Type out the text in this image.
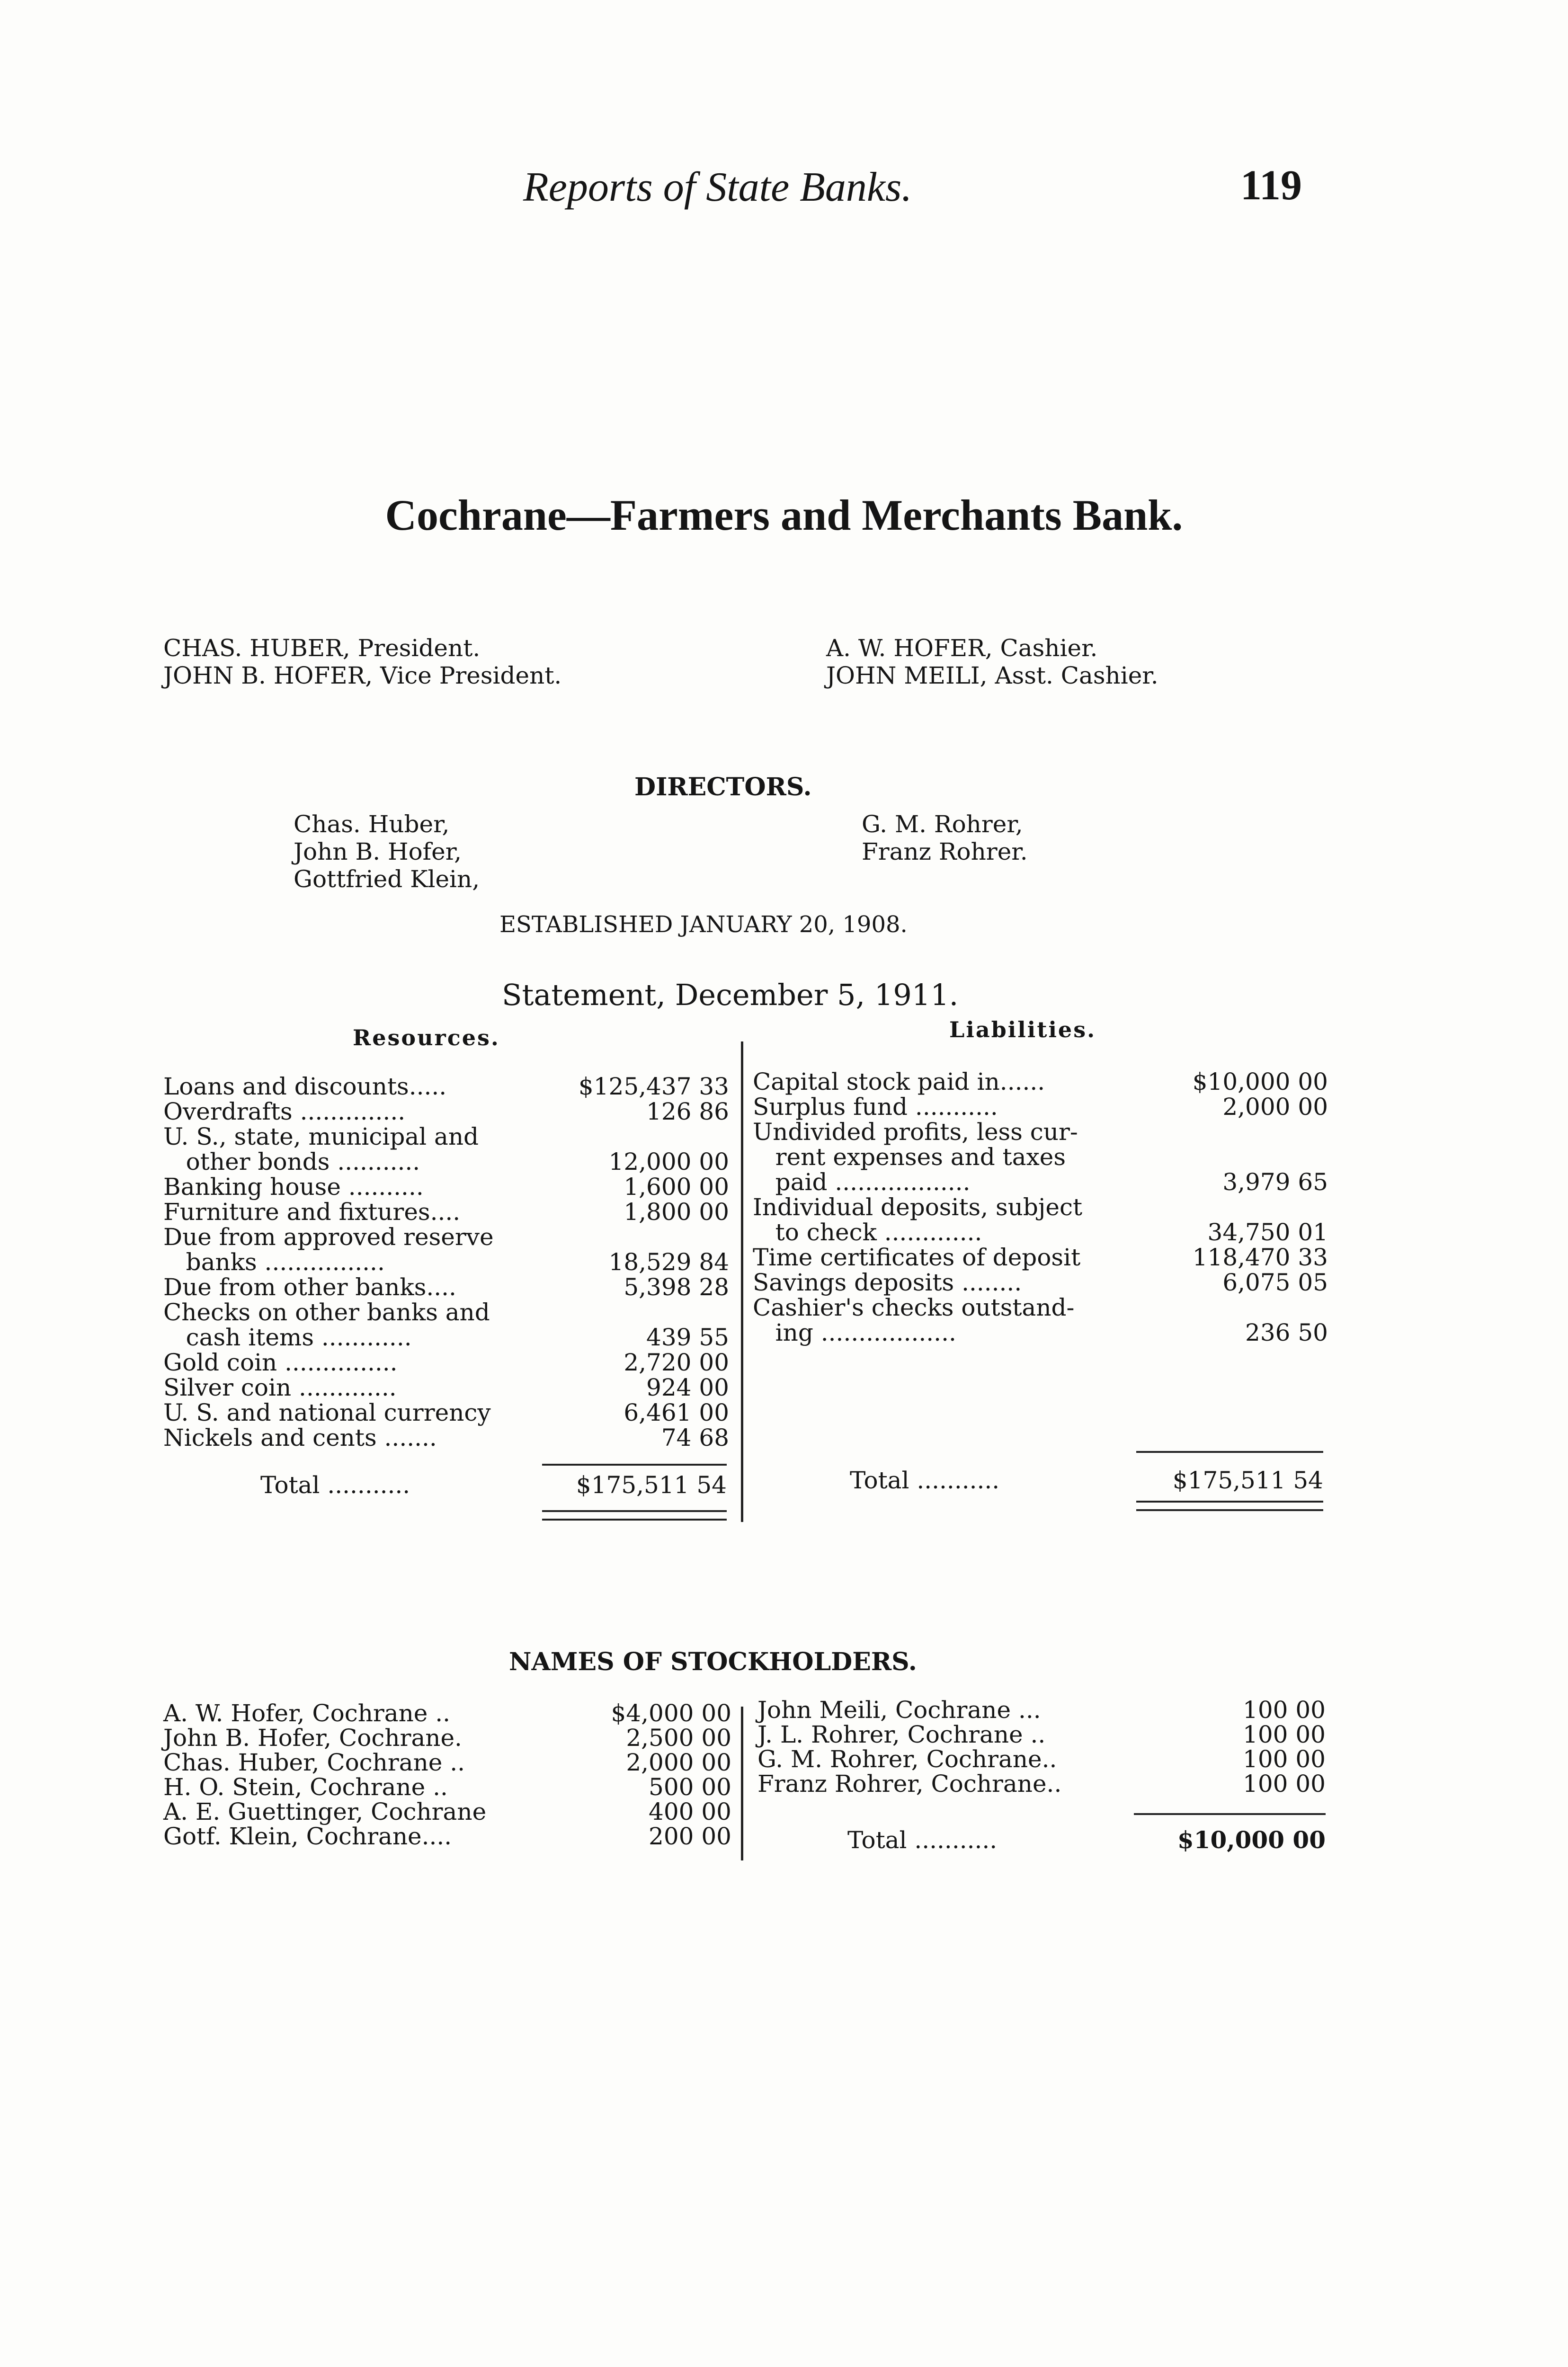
Reports of State Banks.	119
Cochrane—Farmers and Merchants Bank.
CHAS. HUBER, President.
JOHN B. HOFER, Vice President.
A. W. HOFER, Cashier.
JOHN MEILI, Asst. Cashier.
DIRECTORS.
Chas. Huber,
John B. Hofer,
Gottfried Klein,
G. M. Rohrer,
Franz Rohrer.
ESTABLISHED JANUARY 20, 1908.
Statement, December 5, 1911.
Resources.	Liabilities.
Loans and discounts.....	$125,437 33
Overdrafts ..............	126 86
U. S., state, municipal and
other bonds ...........	12,000 00
Banking house ..........	1,600 00
Furniture and fixtures....	1,800 00
Due from approved reserve
banks ................	18,529 84
Due from other banks....	5,398 28
Checks on other banks and
cash items ............	439 55
Gold coin ...............	2,720 00
Silver coin .............	924 00
U. S. and national currency	6,461 00
Nickels and cents .......	74 68
Capital stock paid in......	$10,000 00
Surplus fund ...........	2,000 00
Undivided profits, less cur-
rent expenses and taxes
paid ..................	3,979 65
Individual deposits, subject
to check .............	34,750 01
Time certificates of deposit	118,470 33
Savings deposits ........	6,075 05
Cashier's checks outstand-
ing ..................	236 50
Total ...........	$175,511 54	Total ...........	$175,511 54
NAMES OF STOCKHOLDERS.
A. W. Hofer, Cochrane ..	$4,000 00
John B. Hofer, Cochrane.	2,500 00
Chas. Huber, Cochrane ..	2,000 00
H. O. Stein, Cochrane ..	500 00
A. E. Guettinger, Cochrane	400 00
Gotf. Klein, Cochrane....	200 00
John Meili, Cochrane ...	100 00
J. L. Rohrer, Cochrane ..	100 00
G. M. Rohrer, Cochrane..	100 00
Franz Rohrer, Cochrane..	100 00
Total ...........	$10,000 00
